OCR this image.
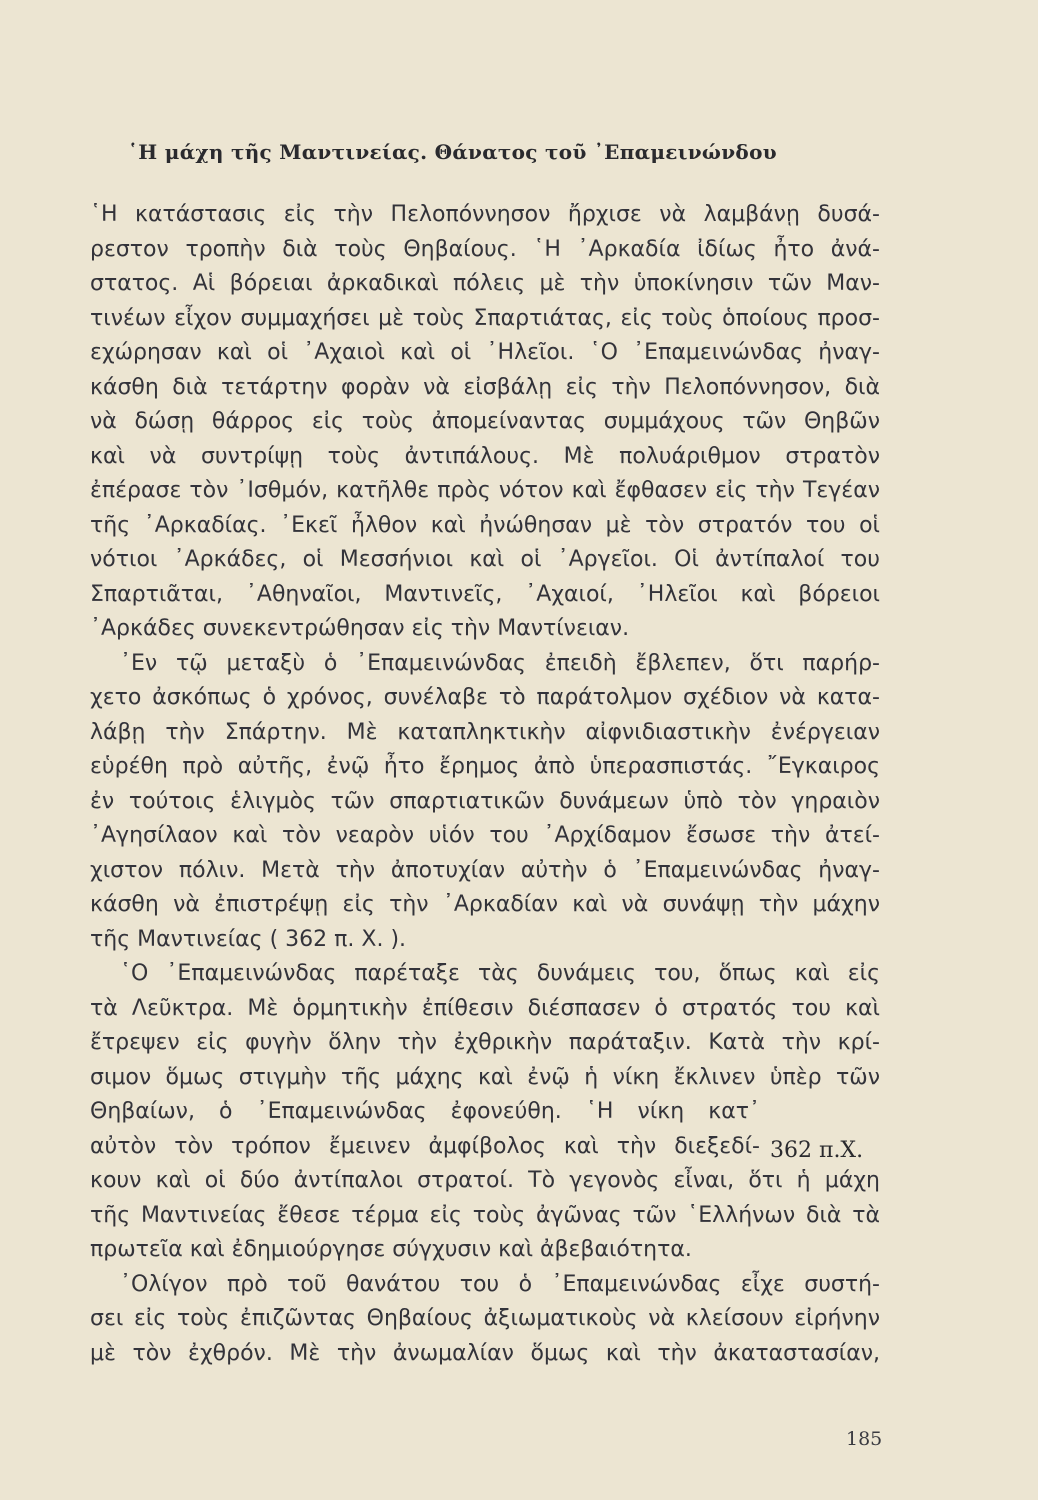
῾Η μάχη τῆς Μαντινείας. Θάνατος τοῦ ᾿Επαμεινώνδου
῾Η κατάστασις εἰς τὴν Πελοπόννησον ἤρχισε νὰ λαμβάνῃ δυσά-
ρεστον τροπὴν διὰ τοὺς Θηβαίους. ῾Η ᾿Αρκαδία ἰδίως ἦτο ἀνά-
στατος. Αἱ βόρειαι ἀρκαδικαὶ πόλεις μὲ τὴν ὑποκίνησιν τῶν Μαν-
τινέων εἶχον συμμαχήσει μὲ τοὺς Σπαρτιάτας, εἰς τοὺς ὁποίους προσ-
εχώρησαν καὶ οἱ ᾿Αχαιοὶ καὶ οἱ ᾿Ηλεῖοι. ῾Ο ᾿Επαμεινώνδας ἠναγ-
κάσθη διὰ τετάρτην φορὰν νὰ εἰσβάλῃ εἰς τὴν Πελοπόννησον, διὰ
νὰ δώσῃ θάρρος εἰς τοὺς ἀπομείναντας συμμάχους τῶν Θηβῶν
καὶ νὰ συντρίψῃ τοὺς ἀντιπάλους. Μὲ πολυάριθμον στρατὸν
ἐπέρασε τὸν ᾿Ισθμόν, κατῆλθε πρὸς νότον καὶ ἔφθασεν εἰς τὴν Τεγέαν
τῆς ᾿Αρκαδίας. ᾿Εκεῖ ἦλθον καὶ ἠνώθησαν μὲ τὸν στρατόν του οἱ
νότιοι ᾿Αρκάδες, οἱ Μεσσήνιοι καὶ οἱ ᾿Αργεῖοι. Οἱ ἀντίπαλοί του
Σπαρτιᾶται, ᾿Αθηναῖοι, Μαντινεῖς, ᾿Αχαιοί, ᾿Ηλεῖοι καὶ βόρειοι
᾿Αρκάδες συνεκεντρώθησαν εἰς τὴν Μαντίνειαν.
᾿Εν τῷ μεταξὺ ὁ ᾿Επαμεινώνδας ἐπειδὴ ἔβλεπεν, ὅτι παρήρ-
χετο ἀσκόπως ὁ χρόνος, συνέλαβε τὸ παράτολμον σχέδιον νὰ κατα-
λάβῃ τὴν Σπάρτην. Μὲ καταπληκτικὴν αἰφνιδιαστικὴν ἐνέργειαν
εὑρέθη πρὸ αὐτῆς, ἐνῷ ἦτο ἔρημος ἀπὸ ὑπερασπιστάς. ῎Εγκαιρος
ἐν τούτοις ἑλιγμὸς τῶν σπαρτιατικῶν δυνάμεων ὑπὸ τὸν γηραιὸν
᾿Αγησίλαον καὶ τὸν νεαρὸν υἱόν του ᾿Αρχίδαμον ἔσωσε τὴν ἀτεί-
χιστον πόλιν. Μετὰ τὴν ἀποτυχίαν αὐτὴν ὁ ᾿Επαμεινώνδας ἠναγ-
κάσθη νὰ ἐπιστρέψῃ εἰς τὴν ᾿Αρκαδίαν καὶ νὰ συνάψῃ τὴν μάχην
τῆς Μαντινείας ( 362 π. Χ. ).
῾Ο ᾿Επαμεινώνδας παρέταξε τὰς δυνάμεις του, ὅπως καὶ εἰς
τὰ Λεῦκτρα. Μὲ ὁρμητικὴν ἐπίθεσιν διέσπασεν ὁ στρατός του καὶ
ἔτρεψεν εἰς φυγὴν ὅλην τὴν ἐχθρικὴν παράταξιν. Κατὰ τὴν κρί-
σιμον ὅμως στιγμὴν τῆς μάχης καὶ ἐνῷ ἡ νίκη ἔκλινεν ὑπὲρ τῶν
Θηβαίων, ὁ ᾿Επαμεινώνδας ἐφονεύθη. ῾Η νίκη κατ᾿
αὐτὸν τὸν τρόπον ἔμεινεν ἀμφίβολος καὶ τὴν διεξεδί-
κουν καὶ οἱ δύο ἀντίπαλοι στρατοί. Τὸ γεγονὸς εἶναι, ὅτι ἡ μάχη
τῆς Μαντινείας ἔθεσε τέρμα εἰς τοὺς ἀγῶνας τῶν ῾Ελλήνων διὰ τὰ
πρωτεῖα καὶ ἐδημιούργησε σύγχυσιν καὶ ἀβεβαιότητα.
᾿Ολίγον πρὸ τοῦ θανάτου του ὁ ᾿Επαμεινώνδας εἶχε συστή-
σει εἰς τοὺς ἐπιζῶντας Θηβαίους ἀξιωματικοὺς νὰ κλείσουν εἰρήνην
μὲ τὸν ἐχθρόν. Μὲ τὴν ἀνωμαλίαν ὅμως καὶ τὴν ἀκαταστασίαν,
362 π.Χ.
185
